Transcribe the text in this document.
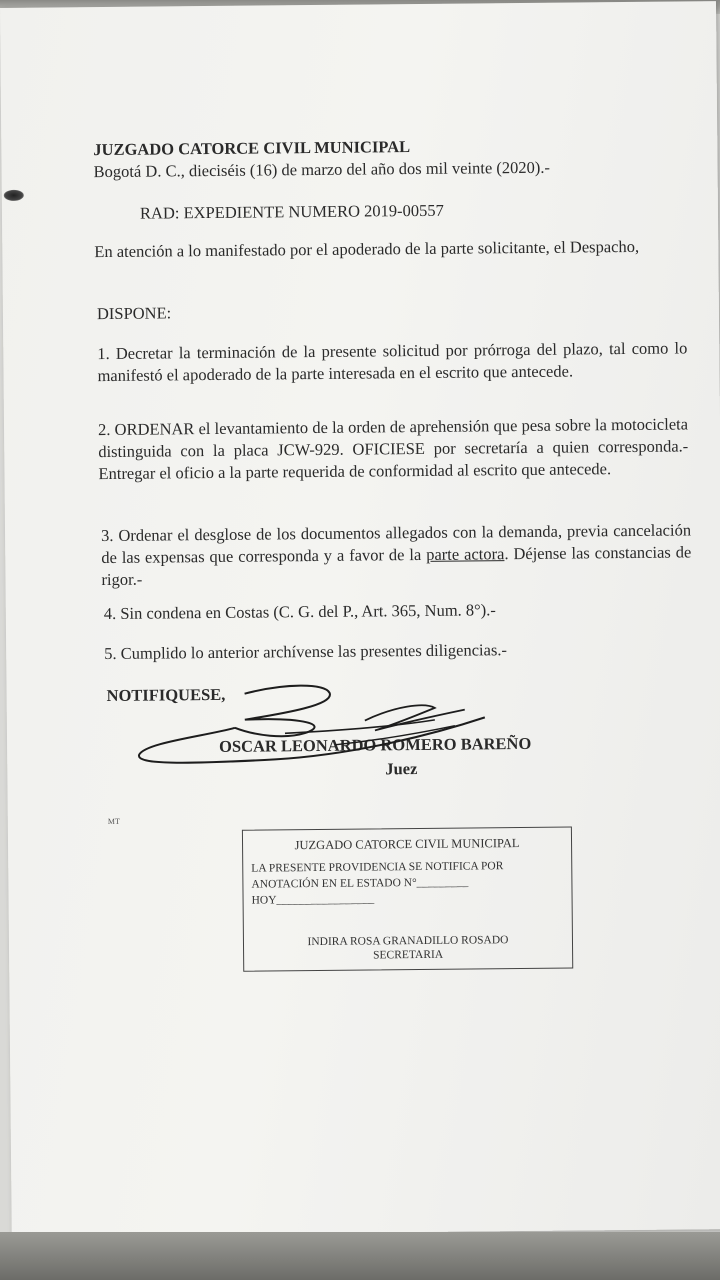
JUZGADO CATORCE CIVIL MUNICIPAL
Bogotá D. C., dieciséis (16) de marzo del año dos mil veinte (2020).-
RAD: EXPEDIENTE NUMERO 2019-00557
En atención a lo manifestado por el apoderado de la parte solicitante, el Despacho,
DISPONE:
1. Decretar la terminación de la presente solicitud por prórroga del plazo, tal como lo manifestó el apoderado de la parte interesada en el escrito que antecede.
2. ORDENAR el levantamiento de la orden de aprehensión que pesa sobre la motocicleta distinguida con la placa JCW-929. OFICIESE por secretaría a quien corresponda.- Entregar el oficio a la parte requerida de conformidad al escrito que antecede.
3. Ordenar el desglose de los documentos allegados con la demanda, previa cancelación de las expensas que corresponda y a favor de la parte actora. Déjense las constancias de rigor.-
4. Sin condena en Costas (C. G. del P., Art. 365, Num. 8°).-
5. Cumplido lo anterior archívense las presentes diligencias.-
NOTIFIQUESE,
OSCAR LEONARDO ROMERO BAREÑO
Juez
MT
JUZGADO CATORCE CIVIL MUNICIPAL
LA PRESENTE PROVIDENCIA SE NOTIFICA POR
ANOTACIÓN EN EL ESTADO N°_________
HOY_________________
INDIRA ROSA GRANADILLO ROSADO
SECRETARIA
